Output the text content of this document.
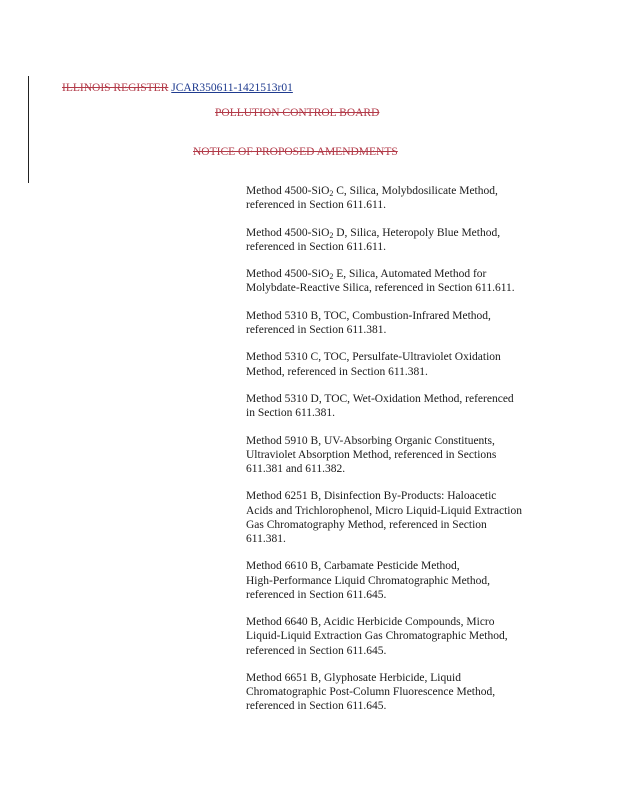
ILLINOIS REGISTER JCAR350611-1421513r01
POLLUTION CONTROL BOARD
NOTICE OF PROPOSED AMENDMENTS

Method 4500-SiO$_2$ C, Silica, Molybdosilicate Method,
referenced in Section 611.611.

Method 4500-SiO$_2$ D, Silica, Heteropoly Blue Method,
referenced in Section 611.611.

Method 4500-SiO$_2$ E, Silica, Automated Method for
Molybdate-Reactive Silica, referenced in Section 611.611.

Method 5310 B, TOC, Combustion-Infrared Method,
referenced in Section 611.381.

Method 5310 C, TOC, Persulfate-Ultraviolet Oxidation
Method, referenced in Section 611.381.

Method 5310 D, TOC, Wet-Oxidation Method, referenced
in Section 611.381.

Method 5910 B, UV-Absorbing Organic Constituents,
Ultraviolet Absorption Method, referenced in Sections
611.381 and 611.382.

Method 6251 B, Disinfection By-Products: Haloacetic
Acids and Trichlorophenol, Micro Liquid-Liquid Extraction
Gas Chromatography Method, referenced in Section
611.381.

Method 6610 B, Carbamate Pesticide Method,
High-Performance Liquid Chromatographic Method,
referenced in Section 611.645.

Method 6640 B, Acidic Herbicide Compounds, Micro
Liquid-Liquid Extraction Gas Chromatographic Method,
referenced in Section 611.645.

Method 6651 B, Glyphosate Herbicide, Liquid
Chromatographic Post-Column Fluorescence Method,
referenced in Section 611.645.
